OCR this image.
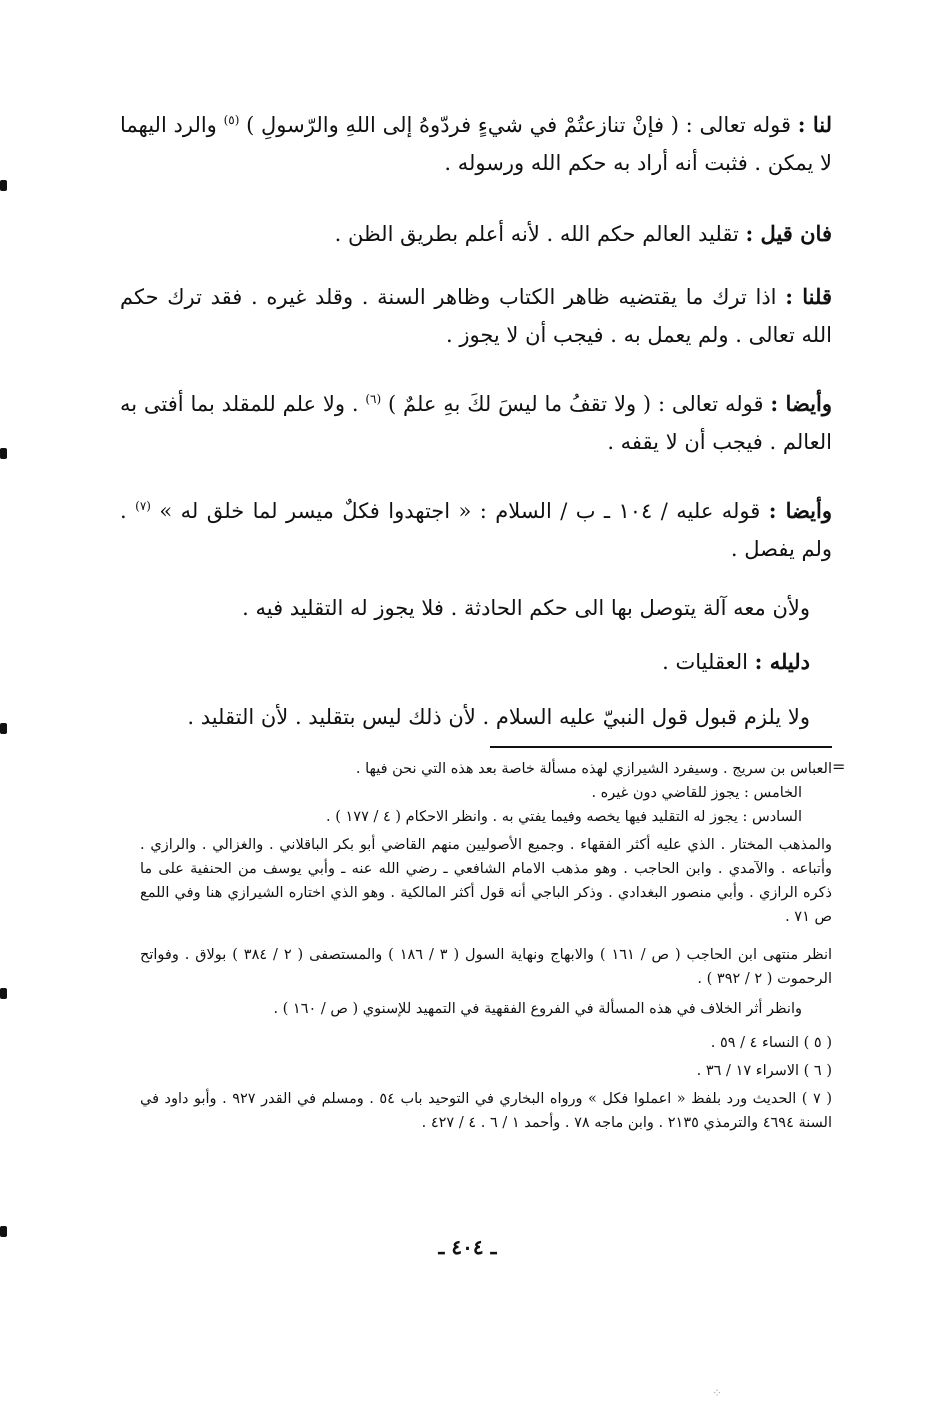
لنا : قوله تعالى : ( فإنْ تنازعتُمْ في شيءٍ فردّوهُ إلى اللهِ والرّسولِ ) $^{(٥)}$ والرد اليهما لا يمكن . فثبت أنه أراد به حكم الله ورسوله .

فان قيل : تقليد العالم حكم الله . لأنه أعلم بطريق الظن .

قلنا : اذا ترك ما يقتضيه ظاهر الكتاب وظاهر السنة . وقلد غيره . فقد ترك حكم الله تعالى . ولم يعمل به . فيجب أن لا يجوز .

وأيضا : قوله تعالى : ( ولا تقفُ ما ليسَ لكَ بهِ علمٌ ) $^{(٦)}$ . ولا علم للمقلد بما أفتى به العالم . فيجب أن لا يقفه .

وأيضا : قوله عليه / ١٠٤ ـ ب / السلام : « اجتهدوا فكلٌ ميسر لما خلق له » $^{(٧)}$ . ولم يفصل .

ولأن معه آلة يتوصل بها الى حكم الحادثة . فلا يجوز له التقليد فيه .

دليله : العقليات .

ولا يلزم قبول قول النبيّ عليه السلام . لأن ذلك ليس بتقليد . لأن التقليد .

=

العباس بن سريج . وسيفرد الشيرازي لهذه مسألة خاصة بعد هذه التي نحن فيها .

الخامس : يجوز للقاضي دون غيره .

السادس : يجوز له التقليد فيها يخصه وفيما يفتي به . وانظر الاحكام ( ٤ / ١٧٧ ) .

والمذهب المختار . الذي عليه أكثر الفقهاء . وجميع الأصوليين منهم القاضي أبو بكر الباقلاني . والغزالي . والرازي . وأتباعه . والآمدي . وابن الحاجب . وهو مذهب الامام الشافعي ـ رضي الله عنه ـ وأبي يوسف من الحنفية على ما ذكره الرازي . وأبي منصور البغدادي . وذكر الباجي أنه قول أكثر المالكية . وهو الذي اختاره الشيرازي هنا وفي اللمع ص ٧١ .

انظر منتهى ابن الحاجب ( ص / ١٦١ ) والابهاج ونهاية السول ( ٣ / ١٨٦ ) والمستصفى ( ٢ / ٣٨٤ ) بولاق . وفواتح الرحموت ( ٢ / ٣٩٢ ) .

وانظر أثر الخلاف في هذه المسألة في الفروع الفقهية في التمهيد للإسنوي ( ص / ١٦٠ ) .

( ٥ ) النساء ٤ / ٥٩ .

( ٦ ) الاسراء ١٧ / ٣٦ .

( ٧ ) الحديث ورد بلفظ « اعملوا فكل » ورواه البخاري في التوحيد باب ٥٤ . ومسلم في القدر ٩٢٧ . وأبو داود في السنة ٤٦٩٤ والترمذي ٢١٣٥ . وابن ماجه ٧٨ . وأحمد ١ / ٦ . ٤ / ٤٢٧ .

ـ ٤٠٤ ـ
⁘
